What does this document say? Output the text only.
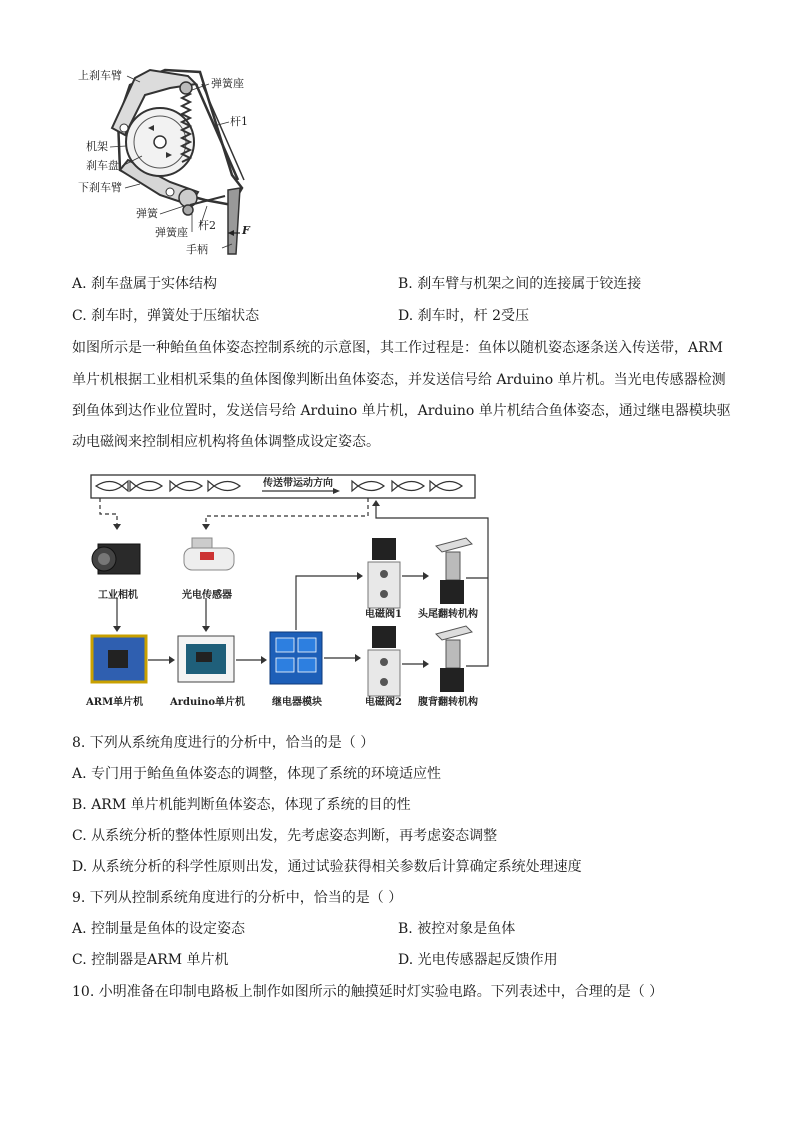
上刹车臂
弹簧座
杆1
机架
刹车盘
下刹车臂
弹簧
杆2
弹簧座
手柄
F
A. 刹车盘属于实体结构	B. 刹车臂与机架之间的连接属于铰连接
C. 刹车时，弹簧处于压缩状态	D. 刹车时，杆 2受压
如图所示是一种鲐鱼鱼体姿态控制系统的示意图，其工作过程是：鱼体以随机姿态逐条送入传送带，ARM
单片机根据工业相机采集的鱼体图像判断出鱼体姿态，并发送信号给 Arduino 单片机。当光电传感器检测
到鱼体到达作业位置时，发送信号给 Arduino 单片机，Arduino 单片机结合鱼体姿态，通过继电器模块驱
动电磁阀来控制相应机构将鱼体调整成设定姿态。
传送带运动方向
工业相机	光电传感器
ARM单片机	Arduino单片机	继电器模块
电磁阀1
电磁阀2
头尾翻转机构
腹背翻转机构
8. 下列从系统角度进行的分析中，恰当的是（ ）
A. 专门用于鲐鱼鱼体姿态的调整，体现了系统的环境适应性
B. ARM 单片机能判断鱼体姿态，体现了系统的目的性
C. 从系统分析的整体性原则出发，先考虑姿态判断，再考虑姿态调整
D. 从系统分析的科学性原则出发，通过试验获得相关参数后计算确定系统处理速度
9. 下列从控制系统角度进行的分析中，恰当的是（ ）
A. 控制量是鱼体的设定姿态	B. 被控对象是鱼体
C. 控制器是ARM 单片机	D. 光电传感器起反馈作用
10. 小明准备在印制电路板上制作如图所示的触摸延时灯实验电路。下列表述中，合理的是（ ）
